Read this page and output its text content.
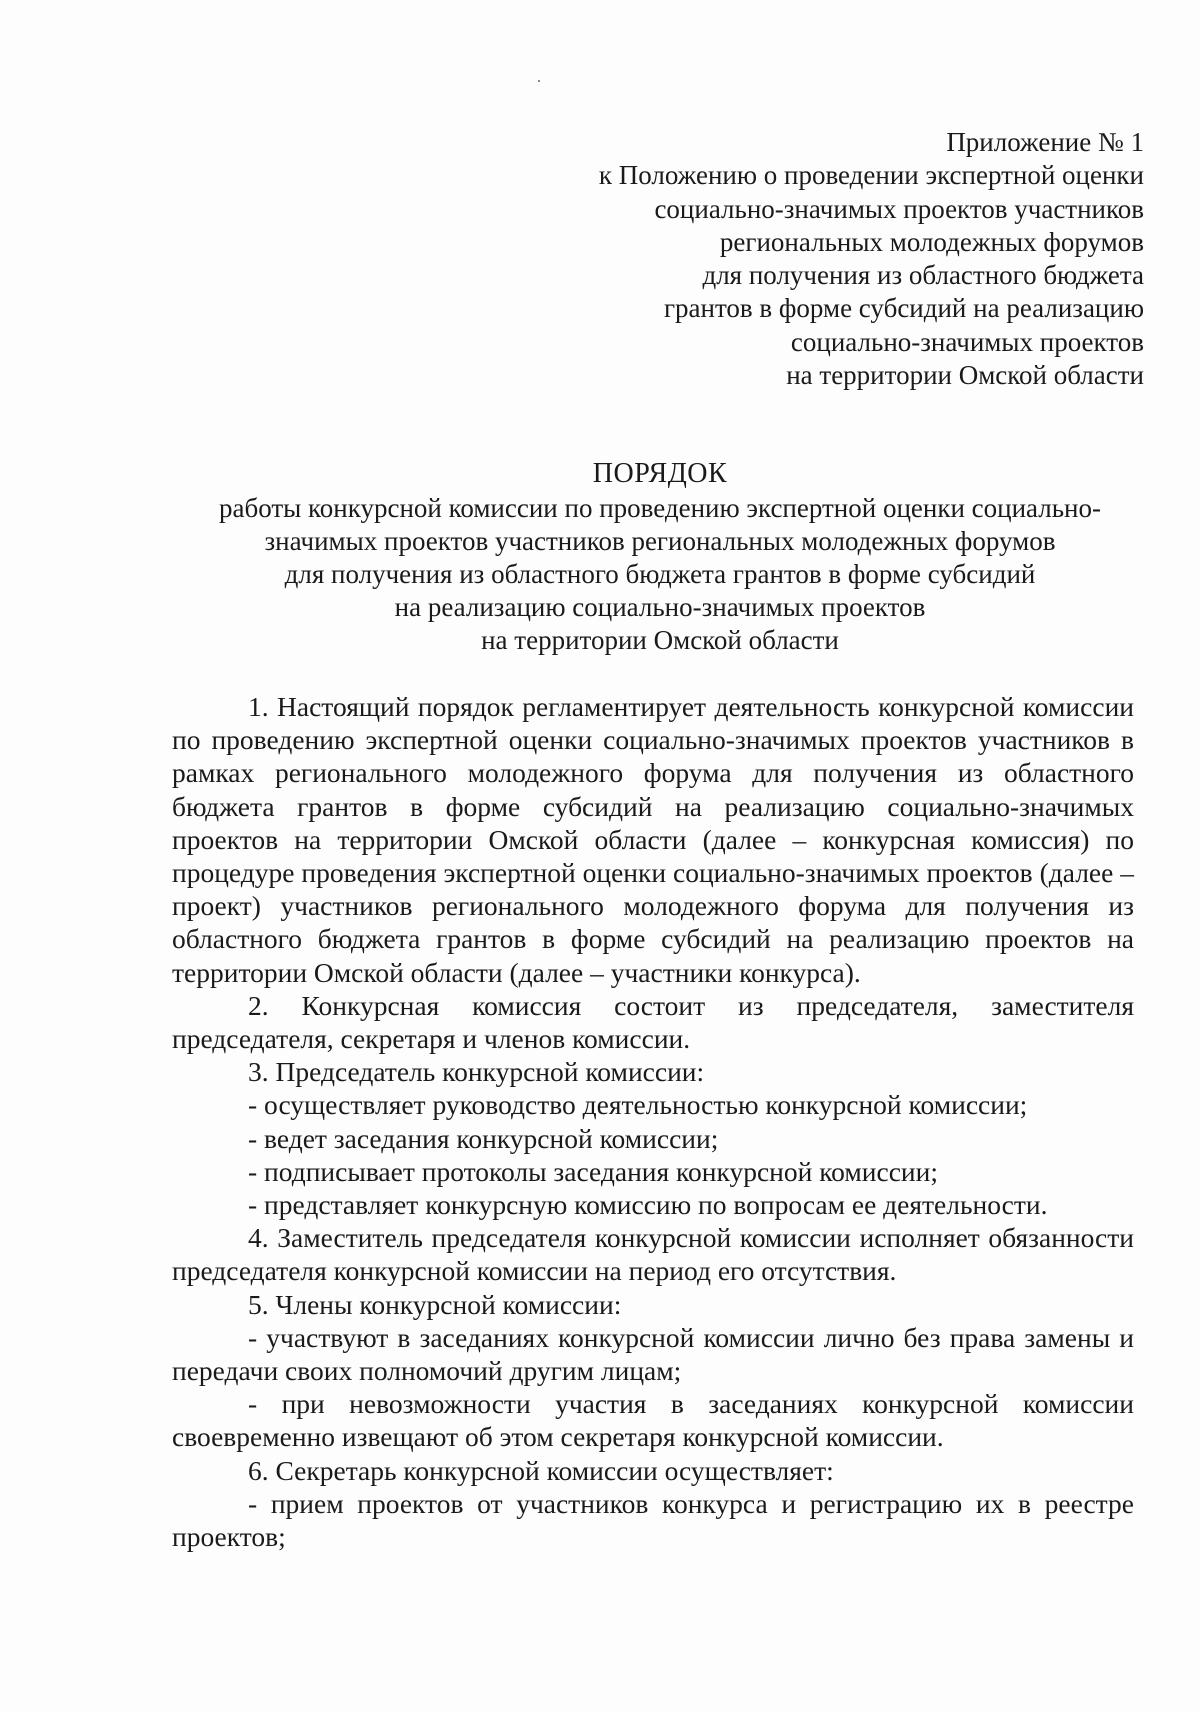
Приложение № 1
к Положению о проведении экспертной оценки
социально-значимых проектов участников
региональных молодежных форумов
для получения из областного бюджета
грантов в форме субсидий на реализацию
социально-значимых проектов
на территории Омской области
ПОРЯДОК
работы конкурсной комиссии по проведению экспертной оценки социально-
значимых проектов участников региональных молодежных форумов
для получения из областного бюджета грантов в форме субсидий
на реализацию социально-значимых проектов
на территории Омской области

1. Настоящий порядок регламентирует деятельность конкурсной комиссии по проведению экспертной оценки социально-значимых проектов участников в рамках регионального молодежного форума для получения из областного бюджета грантов в форме субсидий на реализацию социально-значимых проектов на территории Омской области (далее – конкурсная комиссия) по процедуре проведения экспертной оценки социально-значимых проектов (далее – проект) участников регионального молодежного форума для получения из областного бюджета грантов в форме субсидий на реализацию проектов на территории Омской области (далее – участники конкурса).

2. Конкурсная комиссия состоит из председателя, заместителя председателя, секретаря и членов комиссии.

3. Председатель конкурсной комиссии:

- осуществляет руководство деятельностью конкурсной комиссии;

- ведет заседания конкурсной комиссии;

- подписывает протоколы заседания конкурсной комиссии;

- представляет конкурсную комиссию по вопросам ее деятельности.

4. Заместитель председателя конкурсной комиссии исполняет обязанности председателя конкурсной комиссии на период его отсутствия.

5. Члены конкурсной комиссии:

- участвуют в заседаниях конкурсной комиссии лично без права замены и передачи своих полномочий другим лицам;

- при невозможности участия в заседаниях конкурсной комиссии своевременно извещают об этом секретаря конкурсной комиссии.

6. Секретарь конкурсной комиссии осуществляет:

- прием проектов от участников конкурса и регистрацию их в реестре проектов;
